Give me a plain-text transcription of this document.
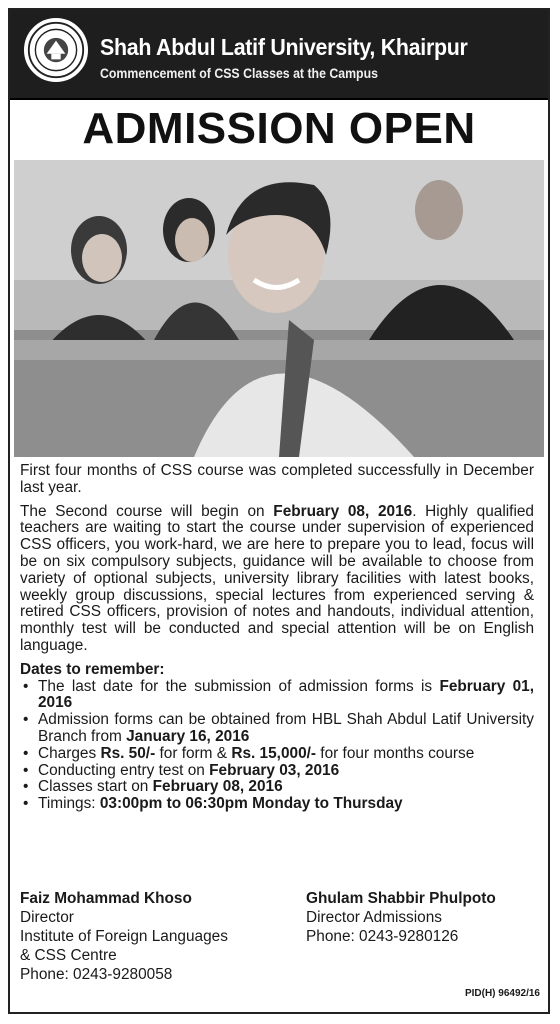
Shah Abdul Latif University, Khairpur
Commencement of CSS Classes at the Campus
ADMISSION OPEN

First four months of CSS course was completed successfully in December last year.

The Second course will begin on February 08, 2016. Highly qualified teachers are waiting to start the course under supervision of experienced CSS officers, you work-hard, we are here to prepare you to lead, focus will be on six compulsory subjects, guidance will be available to choose from variety of optional subjects, university library facilities with latest books, weekly group discussions, special lectures from experienced serving & retired CSS officers, provision of notes and handouts, individual attention, monthly test will be conducted and special attention will be on English language.

Dates to remember:
• The last date for the submission of admission forms is February 01, 2016
• Admission forms can be obtained from HBL Shah Abdul Latif University Branch from January 16, 2016
• Charges Rs. 50/- for form & Rs. 15,000/- for four months course
• Conducting entry test on February 03, 2016
• Classes start on February 08, 2016
• Timings: 03:00pm to 06:30pm Monday to Thursday
Faiz Mohammad Khoso
Director
Institute of Foreign Languages
& CSS Centre
Phone: 0243-9280058
Ghulam Shabbir Phulpoto
Director Admissions
Phone: 0243-9280126
PID(H) 96492/16
